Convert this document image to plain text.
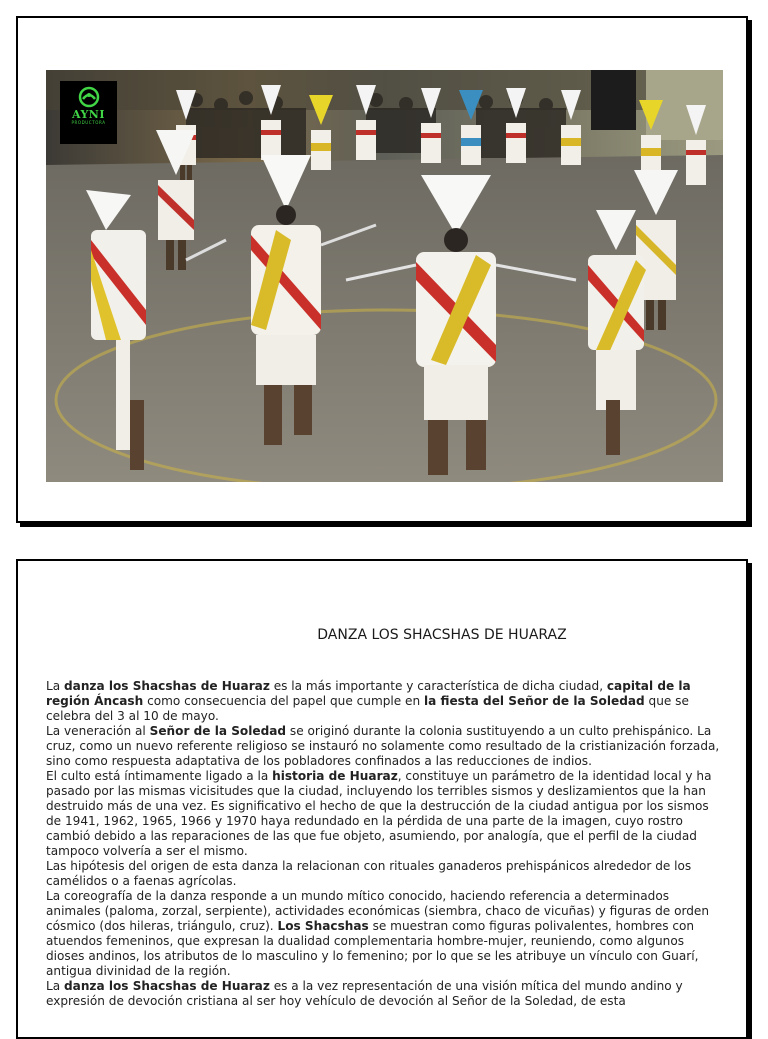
AYNI
PRODUCTORA
DANZA LOS SHACSHAS DE HUARAZ

La danza los Shacshas de Huaraz es la más importante y característica de dicha ciudad, capital de la región Áncash como consecuencia del papel que cumple en la fiesta del Señor de la Soledad que se celebra del 3 al 10 de mayo.

La veneración al Señor de la Soledad se originó durante la colonia sustituyendo a un culto prehispánico. La cruz, como un nuevo referente religioso se instauró no solamente como resultado de la cristianización forzada, sino como respuesta adaptativa de los pobladores confinados a las reducciones de indios.

El culto está íntimamente ligado a la historia de Huaraz, constituye un parámetro de la identidad local y ha pasado por las mismas vicisitudes que la ciudad, incluyendo los terribles sismos y deslizamientos que la han destruido más de una vez. Es significativo el hecho de que la destrucción de la ciudad antigua por los sismos de 1941, 1962, 1965, 1966 y 1970 haya redundado en la pérdida de una parte de la imagen, cuyo rostro cambió debido a las reparaciones de las que fue objeto, asumiendo, por analogía, que el perfil de la ciudad tampoco volvería a ser el mismo.

Las hipótesis del origen de esta danza la relacionan con rituales ganaderos prehispánicos alrededor de los camélidos o a faenas agrícolas.

La coreografía de la danza responde a un mundo mítico conocido, haciendo referencia a determinados animales (paloma, zorzal, serpiente), actividades económicas (siembra, chaco de vicuñas) y figuras de orden cósmico (dos hileras, triángulo, cruz). Los Shacshas se muestran como figuras polivalentes, hombres con atuendos femeninos, que expresan la dualidad complementaria hombre-mujer, reuniendo, como algunos dioses andinos, los atributos de lo masculino y lo femenino; por lo que se les atribuye un vínculo con Guarí, antigua divinidad de la región.

La danza los Shacshas de Huaraz es a la vez representación de una visión mítica del mundo andino y expresión de devoción cristiana al ser hoy vehículo de devoción al Señor de la Soledad, de esta
